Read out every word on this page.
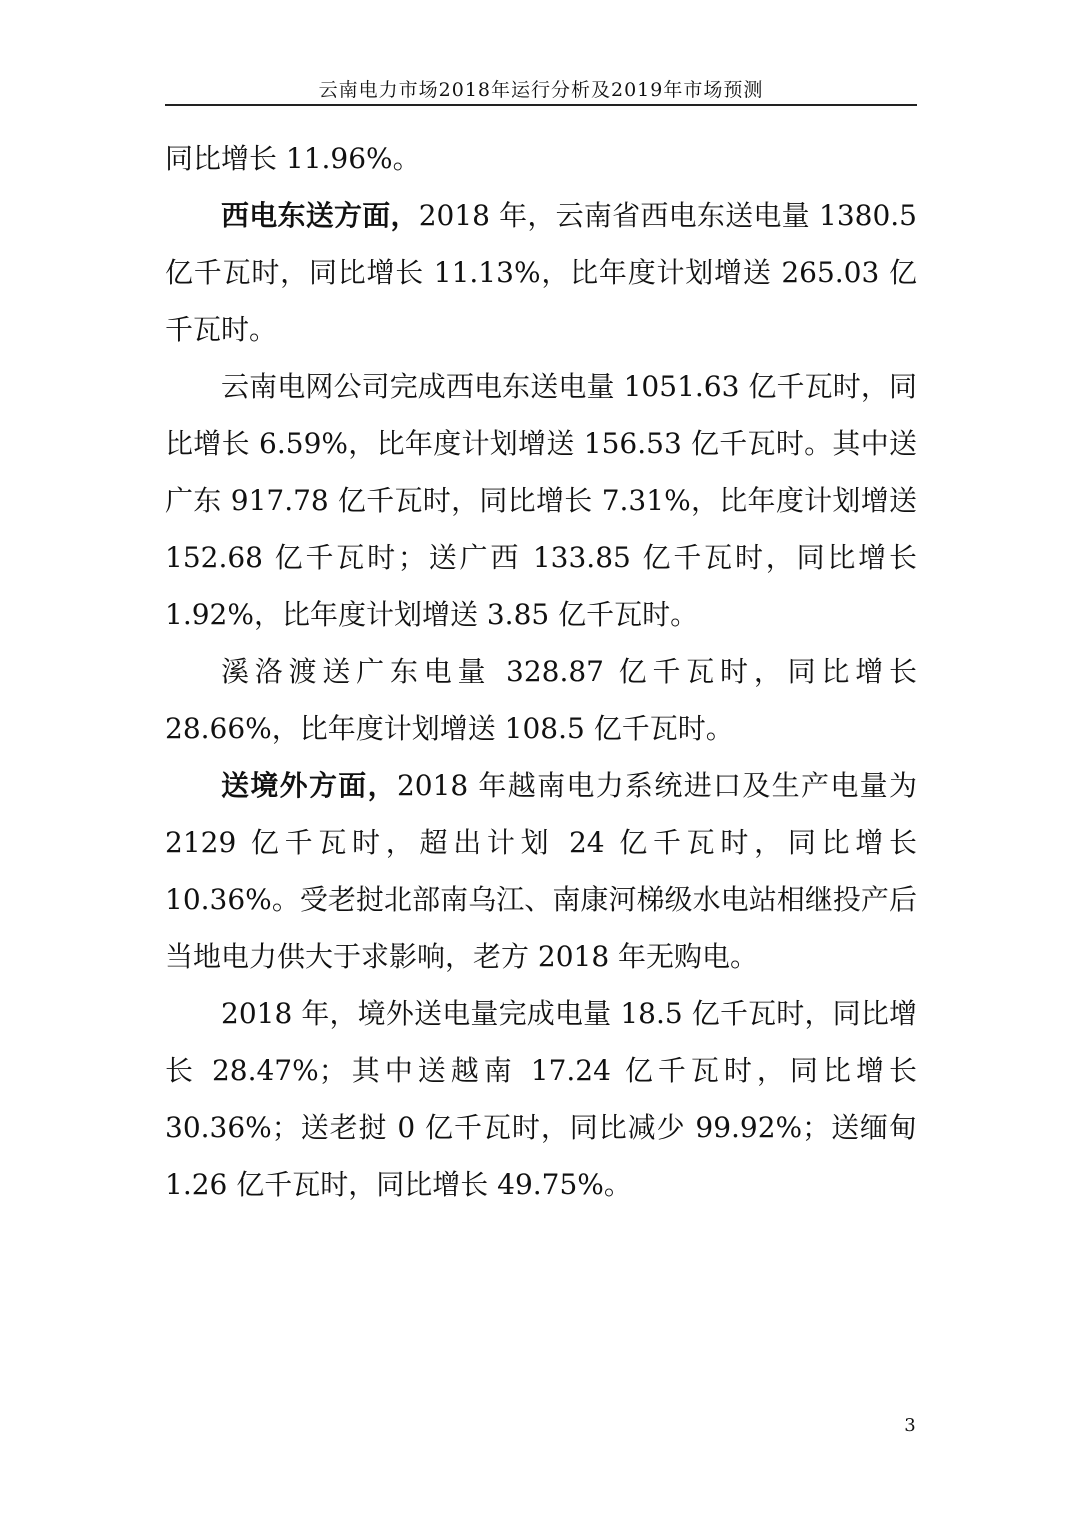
云南电力市场2018年运行分析及2019年市场预测

同比增长 11.96%。

西电东送方面，2018 年，云南省西电东送电量 1380.5 亿千瓦时，同比增长 11.13%，比年度计划增送 265.03 亿千瓦时。

云南电网公司完成西电东送电量 1051.63 亿千瓦时，同比增长 6.59%，比年度计划增送 156.53 亿千瓦时。其中送广东 917.78 亿千瓦时，同比增长 7.31%，比年度计划增送 152.68 亿千瓦时；送广西 133.85 亿千瓦时，同比增长 1.92%，比年度计划增送 3.85 亿千瓦时。

溪洛渡送广东电量 328.87 亿千瓦时，同比增长 28.66%，比年度计划增送 108.5 亿千瓦时。

送境外方面，2018 年越南电力系统进口及生产电量为 2129 亿千瓦时，超出计划 24 亿千瓦时，同比增长 10.36%。受老挝北部南乌江、南康河梯级水电站相继投产后当地电力供大于求影响，老方 2018 年无购电。

2018 年，境外送电量完成电量 18.5 亿千瓦时，同比增长 28.47%；其中送越南 17.24 亿千瓦时，同比增长 30.36%；送老挝 0 亿千瓦时，同比减少 99.92%；送缅甸 1.26 亿千瓦时，同比增长 49.75%。

3
